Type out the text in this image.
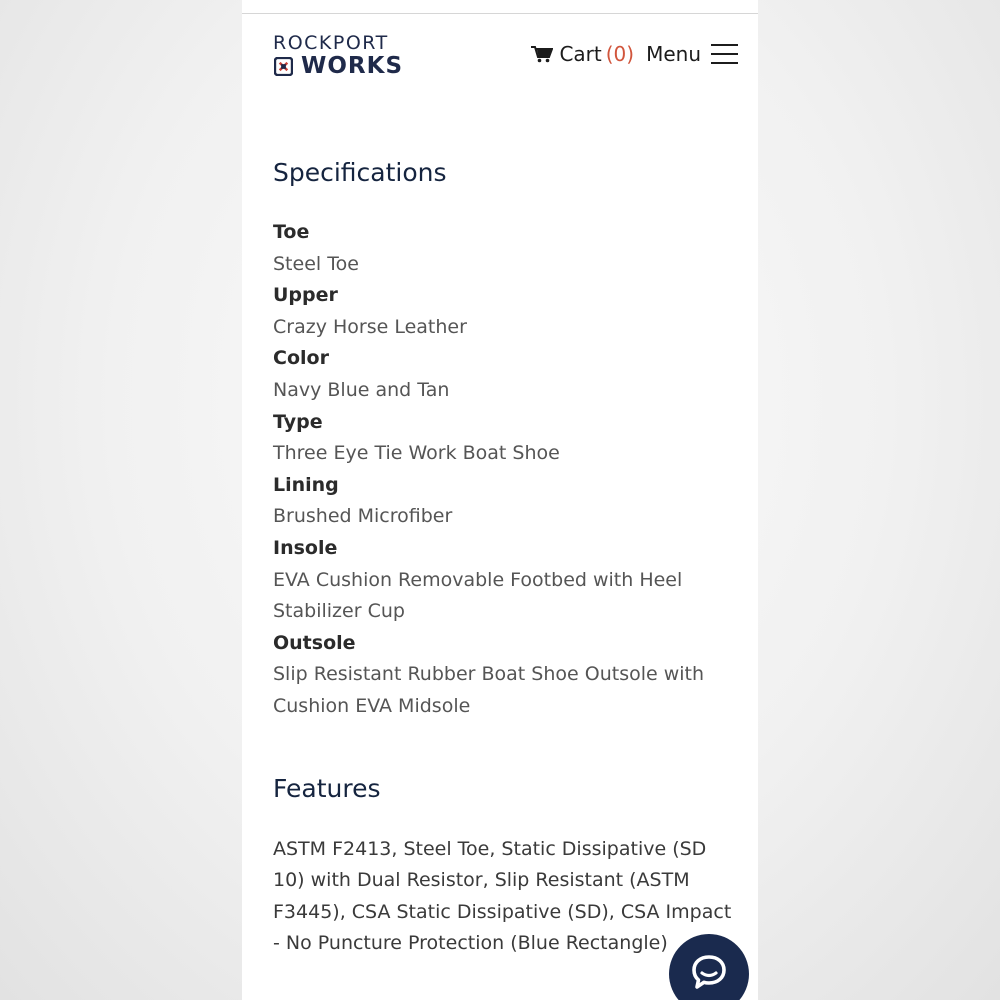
ROCKPORT
WORKS	Cart (0) Menu
Specifications
Toe
Steel Toe
Upper
Crazy Horse Leather
Color
Navy Blue and Tan
Type
Three Eye Tie Work Boat Shoe
Lining
Brushed Microfiber
Insole
EVA Cushion Removable Footbed with Heel Stabilizer Cup
Outsole
Slip Resistant Rubber Boat Shoe Outsole with Cushion EVA Midsole
Features
ASTM F2413, Steel Toe, Static Dissipative (SD 10) with Dual Resistor, Slip Resistant (ASTM F3445), CSA Static Dissipative (SD), CSA Impact - No Puncture Protection (Blue Rectangle)
